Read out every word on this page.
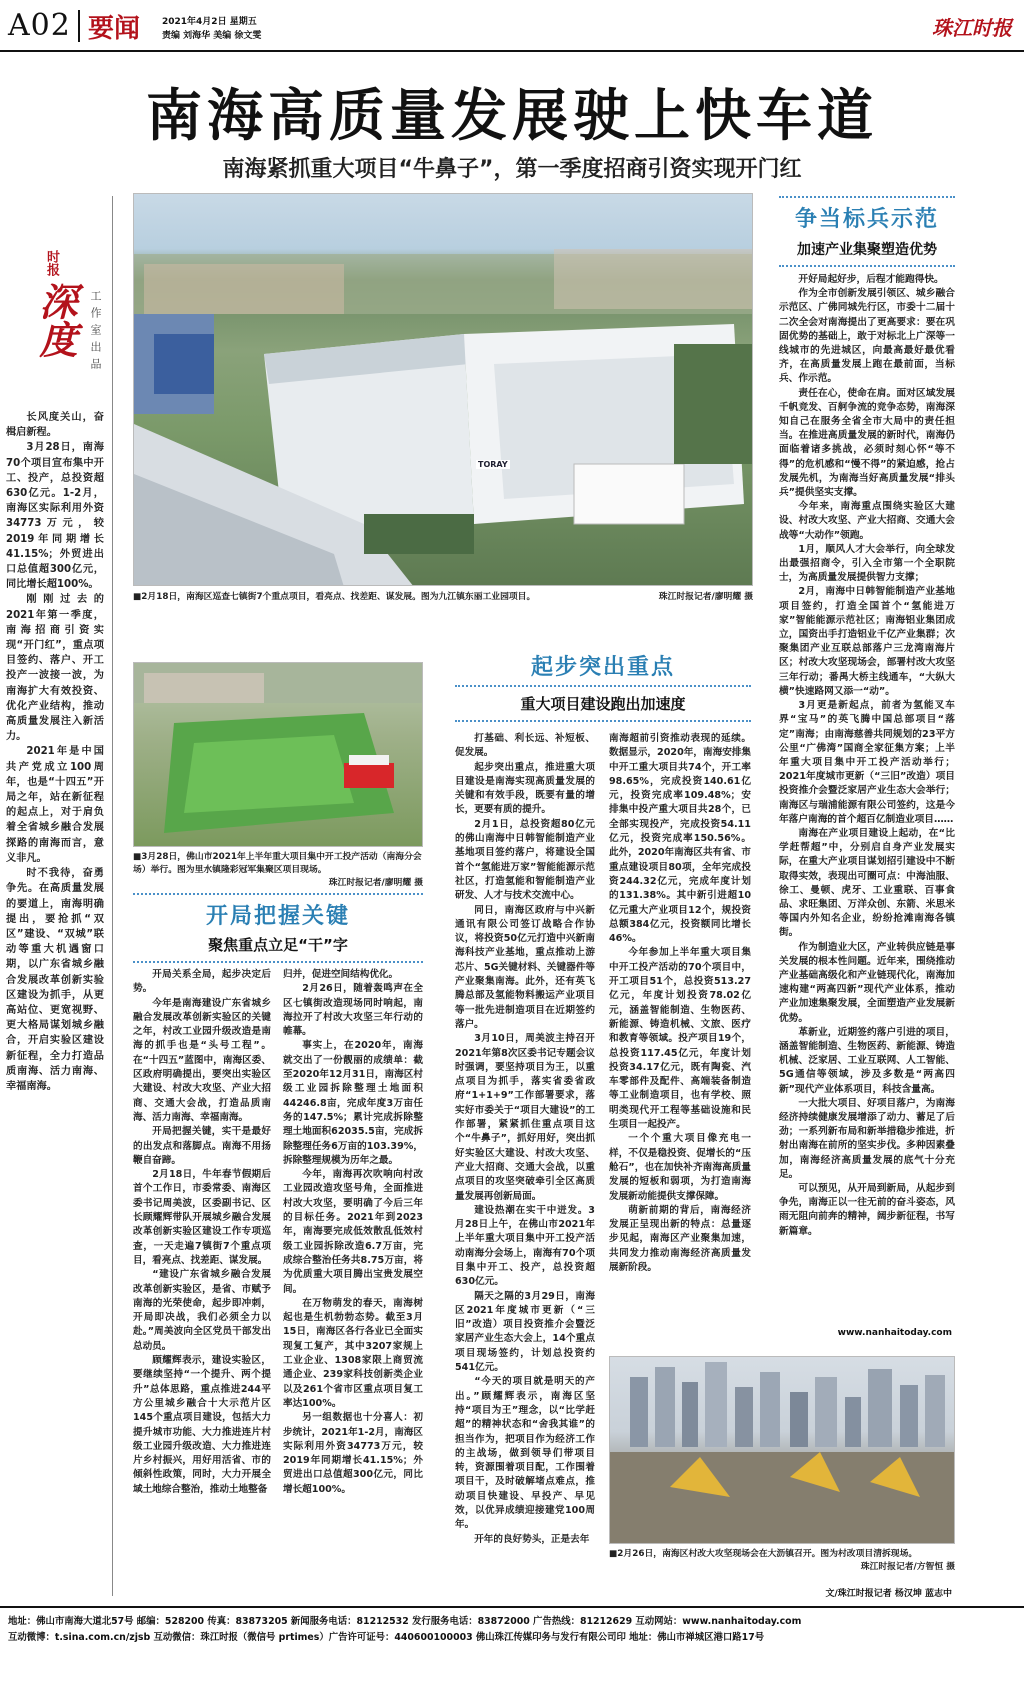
A02 要闻 2021年4月2日 星期五
责编 刘海华 美编 徐文雯	珠江时报
南海高质量发展驶上快车道
南海紧抓重大项目“牛鼻子”，第一季度招商引资实现开门红
时报
深度 工作室出品

长风度关山，奋楫启新程。

3月28日，南海70个项目宣布集中开工、投产，总投资超630亿元。1-2月，南海区实际利用外资34773万元，较2019年同期增长41.15%；外贸进出口总值超300亿元，同比增长超100%。

刚刚过去的2021年第一季度，南海招商引资实现“开门红”，重点项目签约、落户、开工投产一波接一波，为南海扩大有效投资、优化产业结构，推动高质量发展注入新活力。

2021年是中国共产党成立100周年，也是“十四五”开局之年，站在新征程的起点上，对于肩负着全省城乡融合发展探路的南海而言，意义非凡。

时不我待，奋勇争先。在高质量发展的要道上，南海明确提出，要抢抓“双区”建设、“双城”联动等重大机遇窗口期，以广东省城乡融合发展改革创新实验区建设为抓手，从更高站位、更宽视野、更大格局谋划城乡融合，开启实验区建设新征程，全力打造品质南海、活力南海、幸福南海。

TORAY
■2月18日，南海区巡查七镇街7个重点项目，看亮点、找差距、谋发展。图为九江镇东丽工业园项目。	珠江时报记者/廖明耀 摄
争当标兵示范
加速产业集聚塑造优势

开好局起好步，后程才能跑得快。

作为全市创新发展引领区、城乡融合示范区、广佛同城先行区，市委十二届十二次全会对南海提出了更高要求：要在巩固优势的基础上，敢于对标北上广深等一线城市的先进城区，向最高最好最优看齐，在高质量发展上跑在最前面，当标兵、作示范。

责任在心，使命在肩。面对区域发展千帆竞发、百舸争流的竞争态势，南海深知自己在服务全省全市大局中的责任担当。在推进高质量发展的新时代，南海仍面临着诸多挑战，必须时刻心怀“等不得”的危机感和“慢不得”的紧迫感，抢占发展先机，为南海当好高质量发展“排头兵”提供坚实支撑。

今年来，南海重点围绕实验区大建设、村改大攻坚、产业大招商、交通大会战等“大动作”领跑。

1月，顺风人才大会举行，向全球发出最强招商令，引入全市第一个全职院士，为高质量发展提供智力支撑；

2月，南海中日韩智能制造产业基地项目签约，打造全国首个“氢能进万家”智能能源示范社区；南海铝业集团成立，国资出手打造铝业千亿产业集群；次聚集团产业互联总部落户三龙湾南海片区；村改大攻坚现场会，部署村改大攻坚三年行动；番禺大桥主线通车，“大纵大横”快速路网又添一“动”。

3月更是新起点，前者为氢能叉车界“宝马”的英飞腾中国总部项目“落定”南海；由南海慈善共同规划的23平方公里“广佛湾”国商全家征集方案；上半年重大项目集中开工投产活动举行；2021年度城市更新（“三旧”改造）项目投资推介会暨泛家居产业生态大会举行；南海区与瑞浦能源有限公司签约，这是今年落户南海的首个超百亿制造业项目……

南海在产业项目建设上起动，在“比学赶帮超”中，分别启自身产业发展实际，在重大产业项目谋划招引建设中不断取得实效，表现出可圈可点：中海油服、徐工、曼顿、虎牙、工业重联、百事食品、求旺集团、万洋众创、东箭、米思米等国内外知名企业，纷纷抢滩南海各镇街。

作为制造业大区，产业转供应链是事关发展的根本性问题。近年来，围绕推动产业基础高级化和产业链现代化，南海加速构建“两高四新”现代产业体系，推动产业加速集聚发展，全面塑造产业发展新优势。

革新业，近期签约落户引进的项目，涵盖智能制造、生物医药、新能源、铸造机械、泛家居、工业互联网、人工智能、5G通信等领域，涉及多数是“两高四新”现代产业体系项目，科技含量高。

一大批大项目、好项目落户，为南海经济持续健康发展增添了动力、蓄足了后劲；一系列新布局和新举措稳步推进，折射出南海在前所的坚实步伐。多种因素叠加，南海经济高质量发展的底气十分充足。

可以预见，从开局到新局，从起步到争先，南海正以一往无前的奋斗姿态，风雨无阻向前奔的精神，阔步新征程，书写新篇章。

■3月28日，佛山市2021年上半年重大项目集中开工投产活动（南海分会场）举行。图为里水镇隆彩冠军集聚区项目现场。
珠江时报记者/廖明耀 摄
开局把握关键
聚焦重点立足“干”字

开局关系全局，起步决定后势。

今年是南海建设广东省城乡融合发展改革创新实验区的关键之年，村改工业园升级改造是南海的抓手也是“头号工程”。在“十四五”蓝图中，南海区委、区政府明确提出，要突出实验区大建设、村改大攻坚、产业大招商、交通大会战，打造品质南海、活力南海、幸福南海。

开局把握关键，实干是最好的出发点和落脚点。南海不用扬鞭自奋蹄。

2月18日，牛年春节假期后首个工作日，市委常委、南海区委书记周美波，区委副书记、区长顾耀辉带队开展城乡融合发展改革创新实验区建设工作专项巡查，一天走遍7镇街7个重点项目，看亮点、找差距、谋发展。

“建设广东省城乡融合发展改革创新实验区，是省、市赋予南海的光荣使命，起步即冲刺，开局即决战，我们必须全力以赴。”周美波向全区党员干部发出总动员。

顾耀辉表示，建设实验区，要继续坚持“一个提升、两个提升”总体思路，重点推进244平方公里城乡融合十大示范片区145个重点项目建设，包括大力提升城市功能、大力推进连片村级工业园升级改造、大力推进连片乡村振兴，用好用活省、市的倾斜性政策，同时，大力开展全域土地综合整治，推动土地整备

归并，促进空间结构优化。

2月26日，随着轰鸣声在全区七镇街改造现场同时响起，南海拉开了村改大攻坚三年行动的帷幕。

事实上，在2020年，南海就交出了一份靓丽的成绩单：截至2020年12月31日，南海区村级工业园拆除整理土地面积44246.8亩，完成年度3万亩任务的147.5%；累计完成拆除整理土地面积62035.5亩，完成拆除整理任务6万亩的103.39%，拆除整理规模为历年之最。

今年，南海再次吹响向村改工业园改造攻坚号角，全面推进村改大攻坚，要明确了今后三年的目标任务。2021年到2023年，南海要完成低效散乱低效村级工业园拆除改造6.7万亩，完成综合整治任务共8.75万亩，将为优质重大项目腾出宝贵发展空间。

在万物萌发的春天，南海树起也是生机勃勃态势。截至3月15日，南海区各行各业已全面实现复工复产，其中3207家规上工业企业、1308家限上商贸流通企业、239家科技创新类企业以及261个省市区重点项目复工率达100%。

另一组数据也十分喜人：初步统计，2021年1-2月，南海区实际利用外资34773万元，较2019年同期增长41.15%；外贸进出口总值超300亿元，同比增长超100%。

起步突出重点
重大项目建设跑出加速度

打基础、利长远、补短板、促发展。

起步突出重点，推进重大项目建设是南海实现高质量发展的关键和有效手段，既要有量的增长，更要有质的提升。

2月1日，总投资超80亿元的佛山南海中日韩智能制造产业基地项目签约落户，将建设全国首个“氢能进万家”智能能源示范社区，打造氢能和智能制造产业研发、人才与技术交流中心。

同日，南海区政府与中兴新通讯有限公司签订战略合作协议，将投资50亿元打造中兴新南海科技产业基地，重点推动上游芯片、5G关键材料、关键器件等产业聚集南海。此外，还有英飞腾总部及氢能物料搬运产业项目等一批先进制造项目在近期签约落户。

3月10日，周美波主持召开2021年第8次区委书记专题会议时强调，要坚持项目为王，以重点项目为抓手，落实省委省政府“1+1+9”工作部署要求，落实好市委关于“项目大建设”的工作部署，紧紧抓住重点项目这个“牛鼻子”，抓好用好，突出抓好实验区大建设、村改大攻坚、产业大招商、交通大会战，以重点项目的攻坚突破牵引全区高质量发展再创新局面。

建设热潮在实干中迸发。3月28日上午，在佛山市2021年上半年重大项目集中开工投产活动南海分会场上，南海有70个项目集中开工、投产，总投资超630亿元。

隔天之隔的3月29日，南海区2021年度城市更新（“三旧”改造）项目投资推介会暨泛家居产业生态大会上，14个重点项目现场签约，计划总投资约541亿元。

“今天的项目就是明天的产出。”顾耀辉表示，南海区坚持“项目为王”理念，以“比学赶超”的精神状态和“舍我其谁”的担当作为，把项目作为经济工作的主战场，做到领导们带项目转，资源围着项目配，工作围着项目干，及时破解堵点难点，推动项目快建设、早投产、早见效，以优异成绩迎接建党100周年。

开年的良好势头，正是去年

南海超前引资推动表现的延续。数据显示，2020年，南海安排集中开工重大项目共74个，开工率98.65%，完成投资140.61亿元，投资完成率109.48%；安排集中投产重大项目共28个，已全部实现投产，完成投资54.11亿元，投资完成率150.56%。此外，2020年南海区共有省、市重点建设项目80项，全年完成投资244.32亿元，完成年度计划的131.38%。其中新引进超10亿元重大产业项目12个，规投资总额384亿元，投资额同比增长46%。

今年参加上半年重大项目集中开工投产活动的70个项目中，开工项目51个，总投资513.27亿元，年度计划投资78.02亿元，涵盖智能制造、生物医药、新能源、铸造机械、文旅、医疗和教育等领域。投产项目19个，总投资117.45亿元，年度计划投资34.17亿元，既有陶瓷、汽车零部件及配件、高端装备制造等工业制造项目，也有学校、照明类现代开工程等基础设施和民生项目一起投产。

一个个重大项目像充电一样，不仅是稳投资、促增长的“压舱石”，也在加快补齐南海高质量发展的短板和弱项，为打造南海发展新动能提供支撑保障。

萌新前期的背后，南海经济发展正呈现出新的特点：总量逐步见起，南海区产业聚集加速，共同发力推动南海经济高质量发展新阶段。

■2月26日，南海区村改大攻坚现场会在大沥镇召开。图为村改项目清拆现场。
珠江时报记者/方智恒 摄
文/珠江时报记者 杨汉坤 蓝志中
www.nanhaitoday.com
地址：佛山市南海大道北57号 邮编：528200 传真：83873205 新闻服务电话：81212532 发行服务电话：83872000 广告热线：81212629 互动网站：www.nanhaitoday.com
互动微博：t.sina.com.cn/zjsb 互动微信：珠江时报（微信号 prtimes）广告许可证号：440600100003 佛山珠江传媒印务与发行有限公司印 地址：佛山市禅城区港口路17号
